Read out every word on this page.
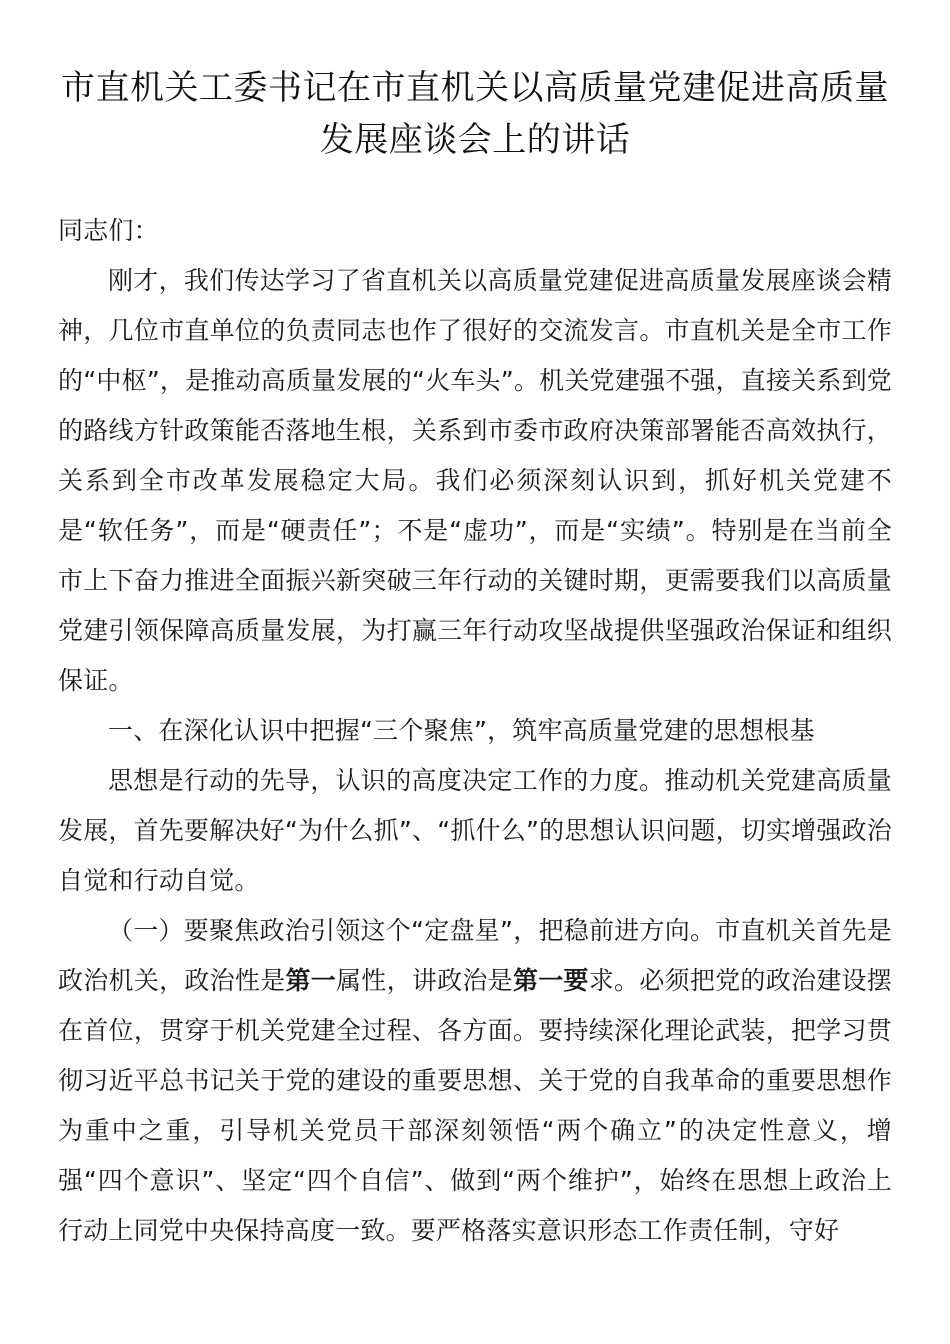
市直机关工委书记在市直机关以高质量党建促进高质量发展座谈会上的讲话

同志们：

刚才，我们传达学习了省直机关以高质量党建促进高质量发展座谈会精神，几位市直单位的负责同志也作了很好的交流发言。市直机关是全市工作的“中枢”，是推动高质量发展的“火车头”。机关党建强不强，直接关系到党的路线方针政策能否落地生根，关系到市委市政府决策部署能否高效执行，关系到全市改革发展稳定大局。我们必须深刻认识到，抓好机关党建不是“软任务”，而是“硬责任”；不是“虚功”，而是“实绩”。特别是在当前全市上下奋力推进全面振兴新突破三年行动的关键时期，更需要我们以高质量党建引领保障高质量发展，为打赢三年行动攻坚战提供坚强政治保证和组织保证。

一、在深化认识中把握“三个聚焦”，筑牢高质量党建的思想根基

思想是行动的先导，认识的高度决定工作的力度。推动机关党建高质量发展，首先要解决好“为什么抓”、“抓什么”的思想认识问题，切实增强政治自觉和行动自觉。

（一）要聚焦政治引领这个“定盘星”，把稳前进方向。市直机关首先是政治机关，政治性是第一属性，讲政治是第一要求。必须把党的政治建设摆在首位，贯穿于机关党建全过程、各方面。要持续深化理论武装，把学习贯彻习近平总书记关于党的建设的重要思想、关于党的自我革命的重要思想作为重中之重，引导机关党员干部深刻领悟“两个确立”的决定性意义，增强“四个意识”、坚定“四个自信”、做到“两个维护”，始终在思想上政治上行动上同党中央保持高度一致。要严格落实意识形态工作责任制，守好
